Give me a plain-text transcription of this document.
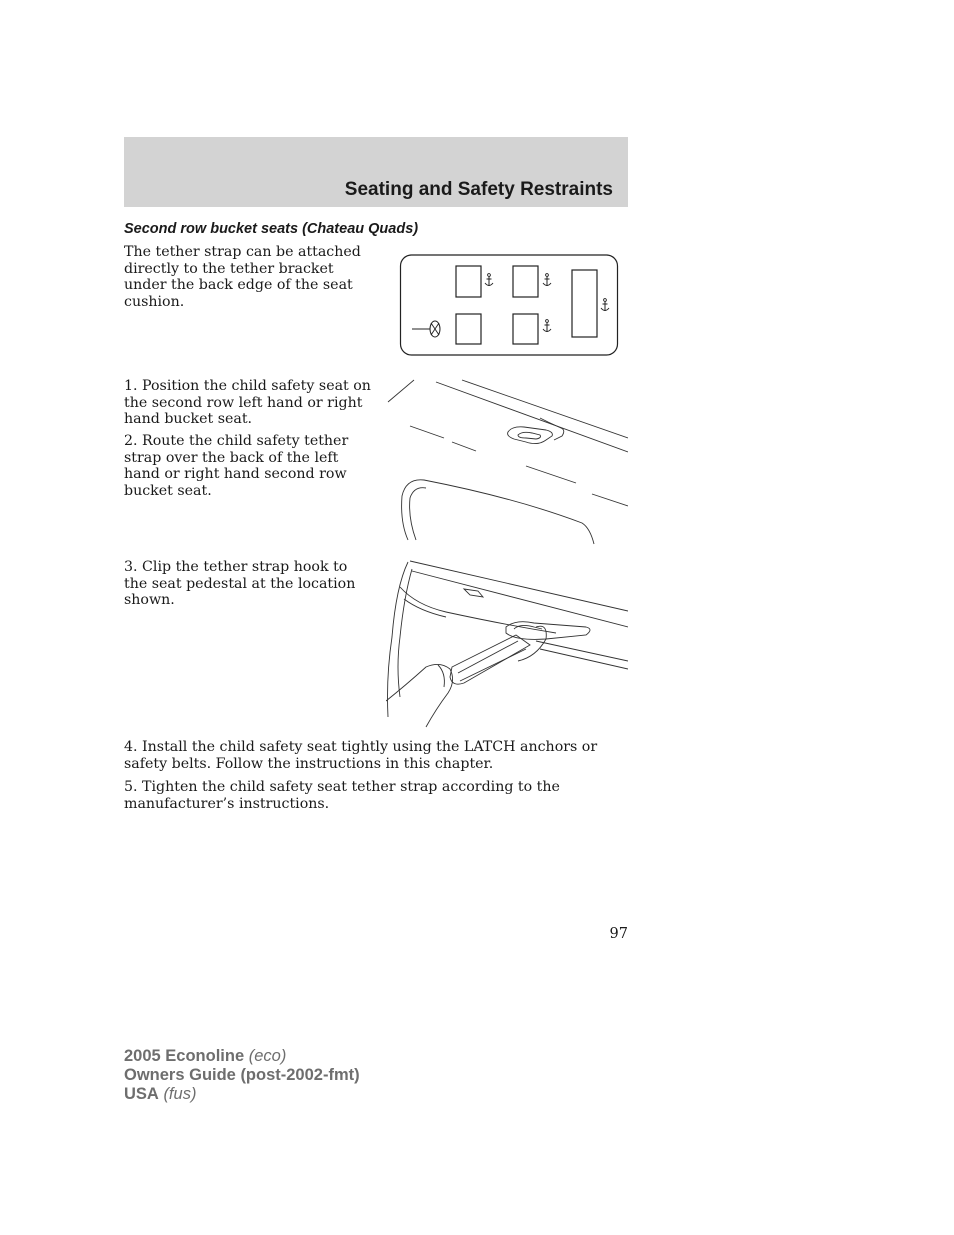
Seating and Safety Restraints
Second row bucket seats (Chateau Quads)

The tether strap can be attached directly to the tether bracket under the back edge of the seat cushion.

1. Position the child safety seat on the second row left hand or right hand bucket seat.

2. Route the child safety tether strap over the back of the left hand or right hand second row bucket seat.

3. Clip the tether strap hook to the seat pedestal at the location shown.

4. Install the child safety seat tightly using the LATCH anchors or safety belts. Follow the instructions in this chapter.

5. Tighten the child safety seat tether strap according to the manufacturer’s instructions.

97
2005 Econoline (eco)
Owners Guide (post-2002-fmt)
USA (fus)
